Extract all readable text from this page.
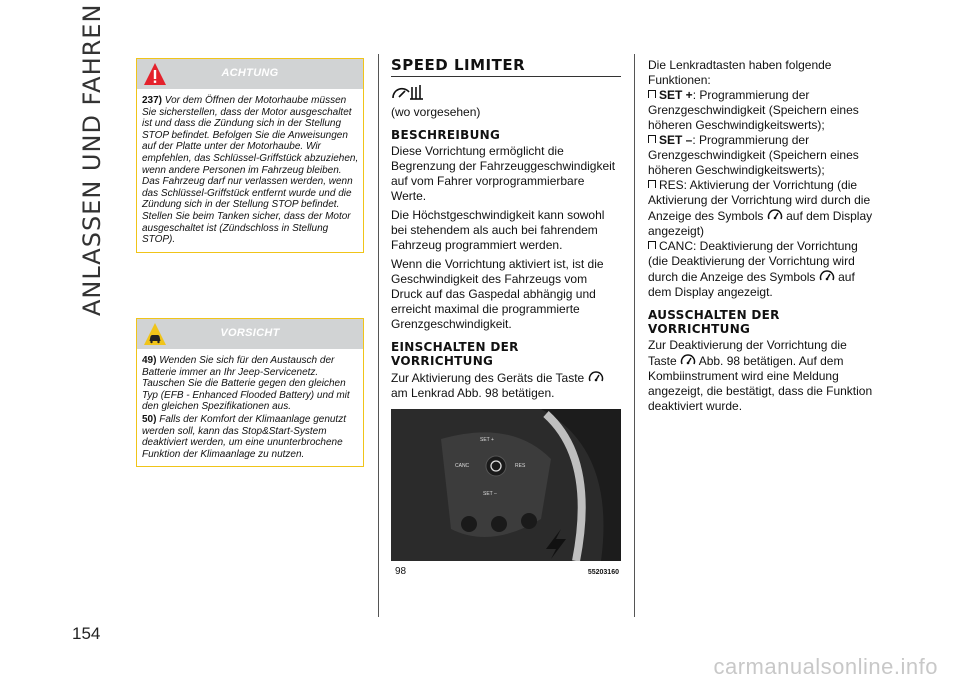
ANLASSEN UND FAHREN
154
ACHTUNG

237) Vor dem Öffnen der Motorhaube müssen Sie sicherstellen, dass der Motor ausgeschaltet ist und dass die Zündung sich in der Stellung STOP befindet. Befolgen Sie die Anweisungen auf der Platte unter der Motorhaube. Wir empfehlen, das Schlüssel-Griffstück abzuziehen, wenn andere Personen im Fahrzeug bleiben. Das Fahrzeug darf nur verlassen werden, wenn das Schlüssel-Griffstück entfernt wurde und die Zündung sich in der Stellung STOP befindet. Stellen Sie beim Tanken sicher, dass der Motor ausgeschaltet ist (Zündschloss in Stellung STOP).

VORSICHT

49) Wenden Sie sich für den Austausch der Batterie immer an Ihr Jeep-Servicenetz. Tauschen Sie die Batterie gegen den gleichen Typ (EFB - Enhanced Flooded Battery) und mit den gleichen Spezifikationen aus.

50) Falls der Komfort der Klimaanlage genutzt werden soll, kann das Stop&Start-System deaktiviert werden, um eine ununterbrochene Funktion der Klimaanlage zu nutzen.

SPEED LIMITER

(wo vorgesehen)

BESCHREIBUNG

Diese Vorrichtung ermöglicht die Begrenzung der Fahrzeuggeschwindigkeit auf vom Fahrer vorprogrammierbare Werte.

Die Höchstgeschwindigkeit kann sowohl bei stehendem als auch bei fahrendem Fahrzeug programmiert werden.

Wenn die Vorrichtung aktiviert ist, ist die Geschwindigkeit des Fahrzeugs vom Druck auf das Gaspedal abhängig und erreicht maximal die programmierte Grenzgeschwindigkeit.

EINSCHALTEN DER VORRICHTUNG

Zur Aktivierung des Geräts die Taste  am Lenkrad Abb. 98 betätigen.

SET +
CANC	RES
SET –
98	55203160

Die Lenkradtasten haben folgende Funktionen:

SET +: Programmierung der Grenzgeschwindigkeit (Speichern eines höheren Geschwindigkeitswerts);

SET –: Programmierung der Grenzgeschwindigkeit (Speichern eines höheren Geschwindigkeitswerts);

RES: Aktivierung der Vorrichtung (die Aktivierung der Vorrichtung wird durch die Anzeige des Symbols auf dem Display angezeigt)

CANC: Deaktivierung der Vorrichtung (die Deaktivierung der Vorrichtung wird durch die Anzeige des Symbols auf dem Display angezeigt.

AUSSCHALTEN DER VORRICHTUNG

Zur Deaktivierung der Vorrichtung die Taste Abb. 98 betätigen. Auf dem Kombiinstrument wird eine Meldung angezeigt, die bestätigt, dass die Funktion deaktiviert wurde.

carmanualsonline.info
